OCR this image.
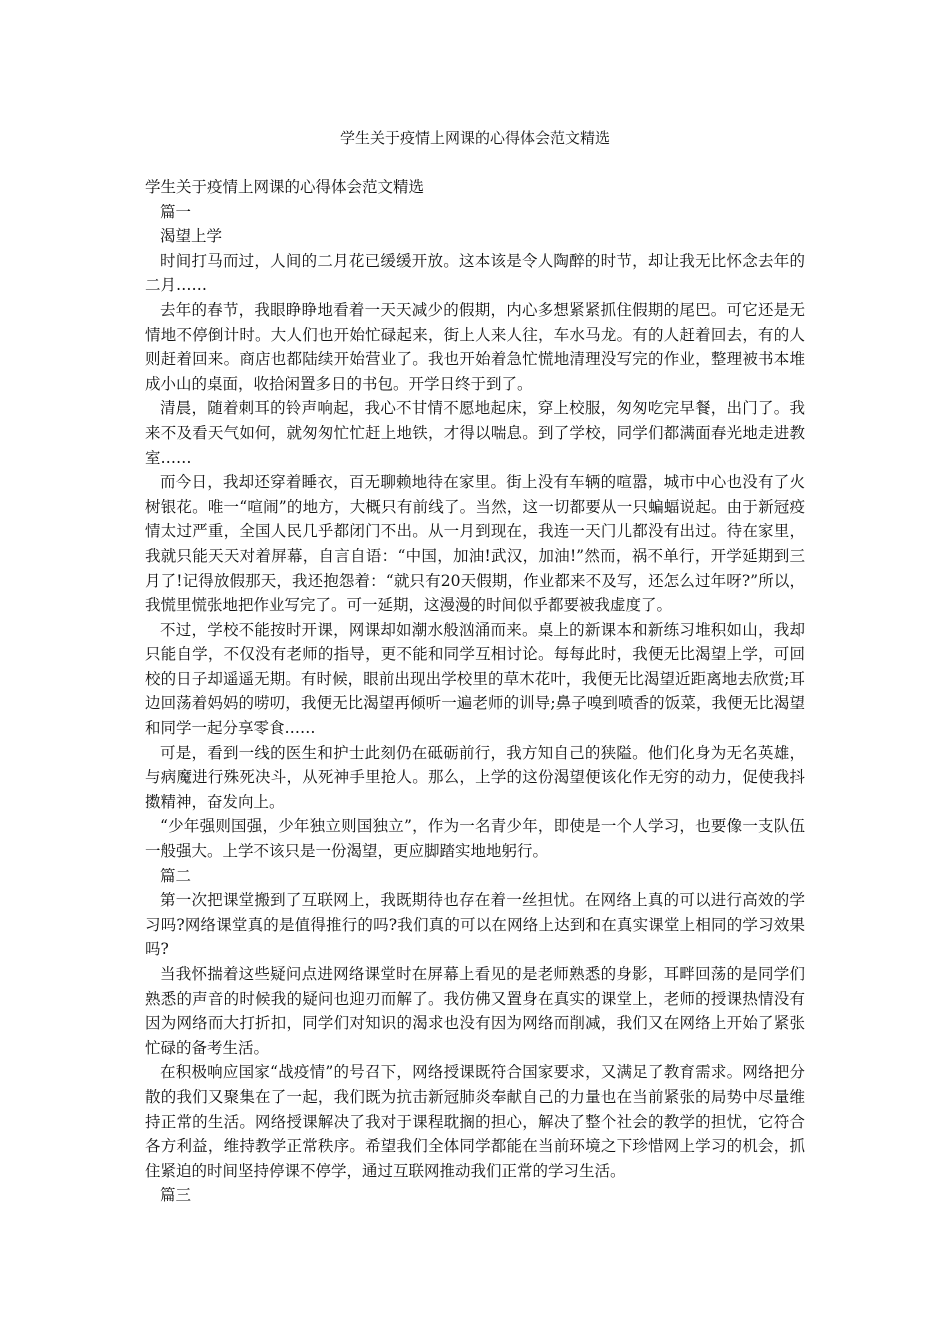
学生关于疫情上网课的心得体会范文精选

学生关于疫情上网课的心得体会范文精选

篇一

渴望上学

时间打马而过，人间的二月花已缓缓开放。这本该是令人陶醉的时节，却让我无比怀念去年的二月……

去年的春节，我眼睁睁地看着一天天减少的假期，内心多想紧紧抓住假期的尾巴。可它还是无情地不停倒计时。大人们也开始忙碌起来，街上人来人往，车水马龙。有的人赶着回去，有的人则赶着回来。商店也都陆续开始营业了。我也开始着急忙慌地清理没写完的作业，整理被书本堆成小山的桌面，收拾闲置多日的书包。开学日终于到了。

清晨，随着刺耳的铃声响起，我心不甘情不愿地起床，穿上校服，匆匆吃完早餐，出门了。我来不及看天气如何，就匆匆忙忙赶上地铁，才得以喘息。到了学校，同学们都满面春光地走进教室……

而今日，我却还穿着睡衣，百无聊赖地待在家里。街上没有车辆的喧嚣，城市中心也没有了火树银花。唯一“喧闹”的地方，大概只有前线了。当然，这一切都要从一只蝙蝠说起。由于新冠疫情太过严重，全国人民几乎都闭门不出。从一月到现在，我连一天门儿都没有出过。待在家里，我就只能天天对着屏幕，自言自语：“中国，加油!武汉，加油!”然而，祸不单行，开学延期到三月了!记得放假那天，我还抱怨着：“就只有20天假期，作业都来不及写，还怎么过年呀?”所以，我慌里慌张地把作业写完了。可一延期，这漫漫的时间似乎都要被我虚度了。

不过，学校不能按时开课，网课却如潮水般汹涌而来。桌上的新课本和新练习堆积如山，我却只能自学，不仅没有老师的指导，更不能和同学互相讨论。每每此时，我便无比渴望上学，可回校的日子却遥遥无期。有时候，眼前出现出学校里的草木花叶，我便无比渴望近距离地去欣赏;耳边回荡着妈妈的唠叨，我便无比渴望再倾听一遍老师的训导;鼻子嗅到喷香的饭菜，我便无比渴望和同学一起分享零食……

可是，看到一线的医生和护士此刻仍在砥砺前行，我方知自己的狭隘。他们化身为无名英雄，与病魔进行殊死决斗，从死神手里抢人。那么，上学的这份渴望便该化作无穷的动力，促使我抖擞精神，奋发向上。

“少年强则国强，少年独立则国独立”，作为一名青少年，即使是一个人学习，也要像一支队伍一般强大。上学不该只是一份渴望，更应脚踏实地地躬行。

篇二

第一次把课堂搬到了互联网上，我既期待也存在着一丝担忧。在网络上真的可以进行高效的学习吗?网络课堂真的是值得推行的吗?我们真的可以在网络上达到和在真实课堂上相同的学习效果吗?

当我怀揣着这些疑问点进网络课堂时在屏幕上看见的是老师熟悉的身影，耳畔回荡的是同学们熟悉的声音的时候我的疑问也迎刃而解了。我仿佛又置身在真实的课堂上，老师的授课热情没有因为网络而大打折扣，同学们对知识的渴求也没有因为网络而削减，我们又在网络上开始了紧张忙碌的备考生活。

在积极响应国家“战疫情”的号召下，网络授课既符合国家要求，又满足了教育需求。网络把分散的我们又聚集在了一起，我们既为抗击新冠肺炎奉献自己的力量也在当前紧张的局势中尽量维持正常的生活。网络授课解决了我对于课程耽搁的担心，解决了整个社会的教学的担忧，它符合各方利益，维持教学正常秩序。希望我们全体同学都能在当前环境之下珍惜网上学习的机会，抓住紧迫的时间坚持停课不停学，通过互联网推动我们正常的学习生活。

篇三
